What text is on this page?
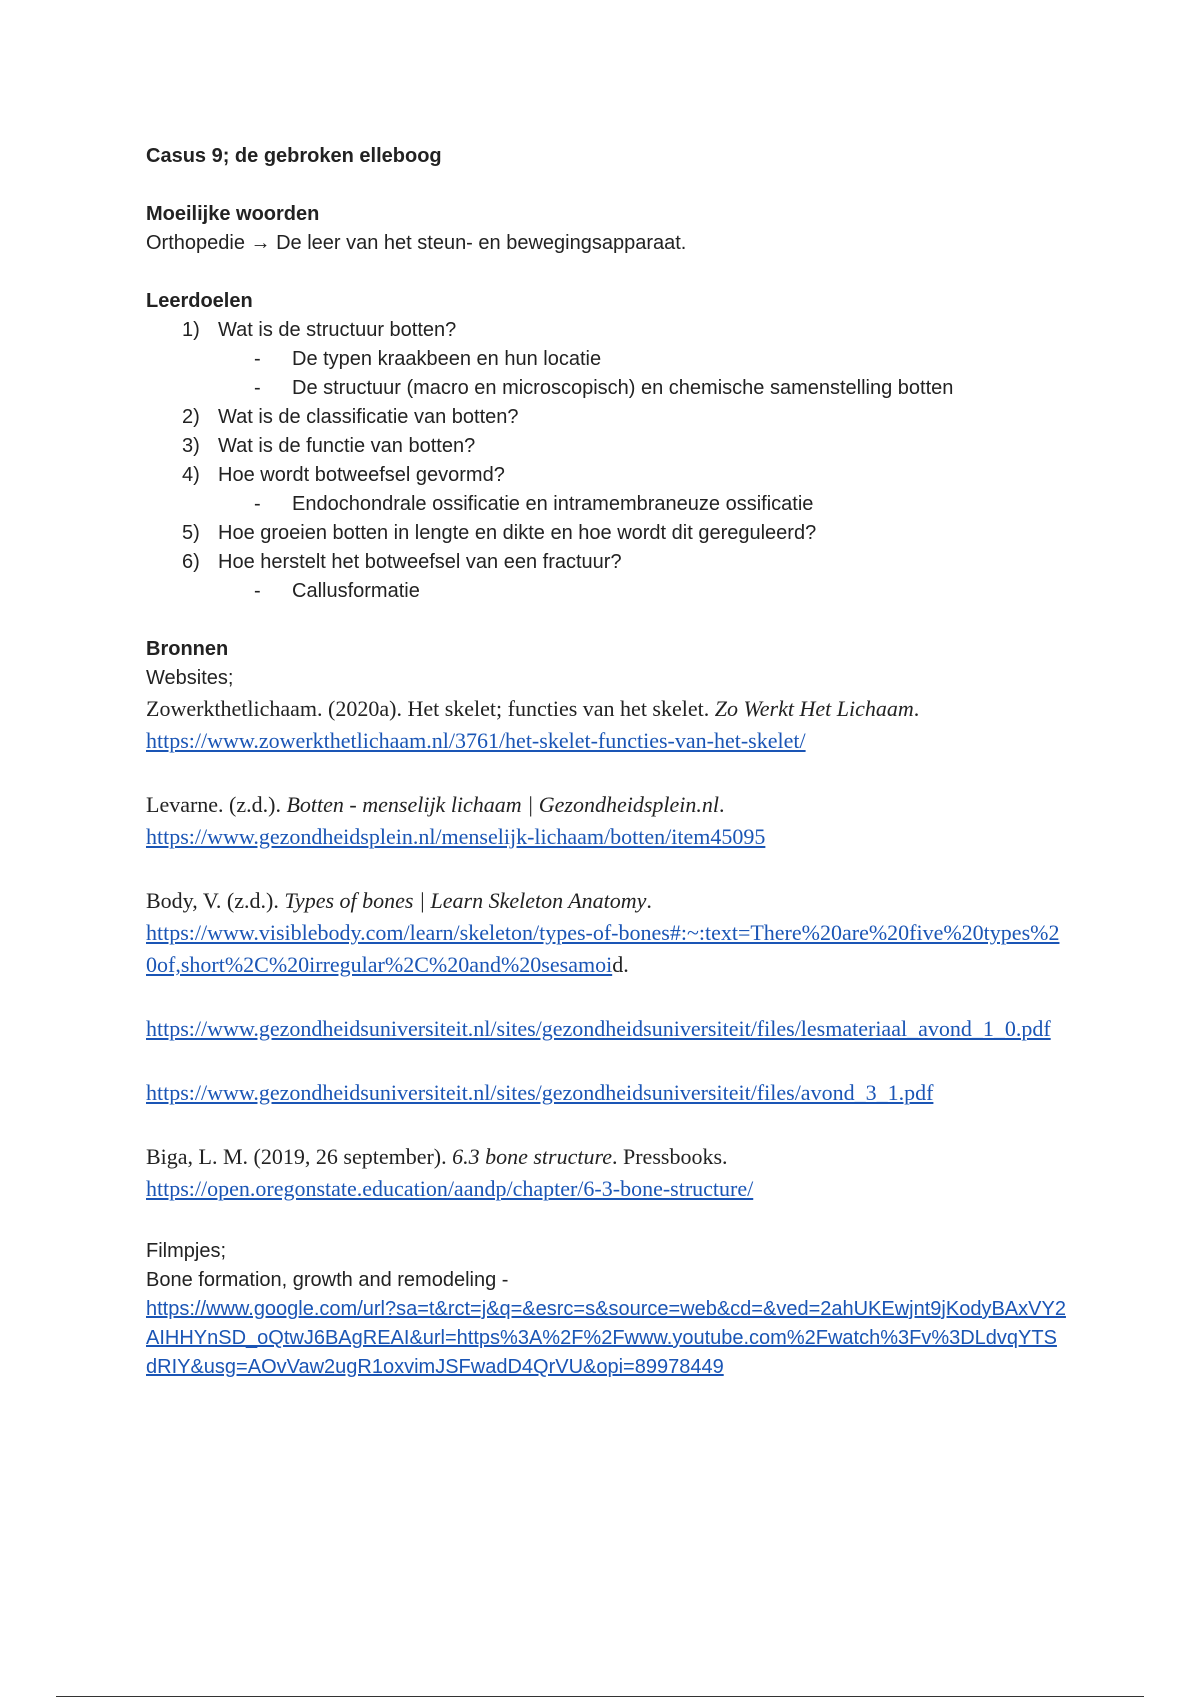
Casus 9; de gebroken elleboog

Moeilijke woorden

Orthopedie → De leer van het steun- en bewegingsapparaat.

Leerdoelen

1) Wat is de structuur botten?
-	De typen kraakbeen en hun locatie
-	De structuur (macro en microscopisch) en chemische samenstelling botten
2) Wat is de classificatie van botten?
3) Wat is de functie van botten?
4) Hoe wordt botweefsel gevormd?
-	Endochondrale ossificatie en intramembraneuze ossificatie
5) Hoe groeien botten in lengte en dikte en hoe wordt dit gereguleerd?
6) Hoe herstelt het botweefsel van een fractuur?
-	Callusformatie

Bronnen

Websites;

Zowerkthetlichaam. (2020a). Het skelet; functies van het skelet. Zo Werkt Het Lichaam.

https://www.zowerkthetlichaam.nl/3761/het-skelet-functies-van-het-skelet/

Levarne. (z.d.). Botten - menselijk lichaam | Gezondheidsplein.nl.

https://www.gezondheidsplein.nl/menselijk-lichaam/botten/item45095

Body, V. (z.d.). Types of bones | Learn Skeleton Anatomy.

https://www.visiblebody.com/learn/skeleton/types-of-bones#:~:text=There%20are%20five%20types%20of,short%2C%20irregular%2C%20and%20sesamoid.

https://www.gezondheidsuniversiteit.nl/sites/gezondheidsuniversiteit/files/lesmateriaal_avond_1_0.pdf

https://www.gezondheidsuniversiteit.nl/sites/gezondheidsuniversiteit/files/avond_3_1.pdf

Biga, L. M. (2019, 26 september). 6.3 bone structure. Pressbooks.

https://open.oregonstate.education/aandp/chapter/6-3-bone-structure/

Filmpjes;

Bone formation, growth and remodeling -

https://www.google.com/url?sa=t&rct=j&q=&esrc=s&source=web&cd=&ved=2ahUKEwjnt9jKodyBAxVY2AIHHYnSD_oQtwJ6BAgREAI&url=https%3A%2F%2Fwww.youtube.com%2Fwatch%3Fv%3DLdvqYTSdRIY&usg=AOvVaw2ugR1oxvimJSFwadD4QrVU&opi=89978449
